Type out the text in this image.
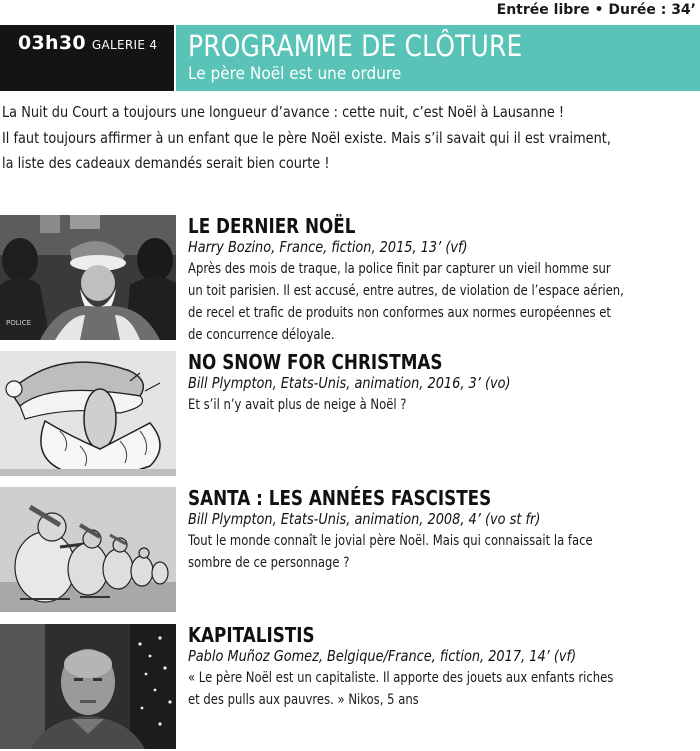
Entrée libre • Durée : 34’
03h30 GALERIE 4	PROGRAMME DE CLÔTURE
Le père Noël est une ordure

La Nuit du Court a toujours une longueur d’avance : cette nuit, c’est Noël à Lausanne !

Il faut toujours affirmer à un enfant que le père Noël existe. Mais s’il savait qui il est vraiment,

la liste des cadeaux demandés serait bien courte !

POLICE
LE DERNIER NOËL
Harry Bozino, France, fiction, 2015, 13’ (vf)
Après des mois de traque, la police finit par capturer un vieil homme sur
un toit parisien. Il est accusé, entre autres, de violation de l’espace aérien,
de recel et trafic de produits non conformes aux normes européennes et
de concurrence déloyale.
NO SNOW FOR CHRISTMAS
Bill Plympton, Etats-Unis, animation, 2016, 3’ (vo)
Et s’il n’y avait plus de neige à Noël ?
SANTA : LES ANNÉES FASCISTES
Bill Plympton, Etats-Unis, animation, 2008, 4’ (vo st fr)
Tout le monde connaît le jovial père Noël. Mais qui connaissait la face
sombre de ce personnage ?
KAPITALISTIS
Pablo Muñoz Gomez, Belgique/France, fiction, 2017, 14’ (vf)
« Le père Noël est un capitaliste. Il apporte des jouets aux enfants riches
et des pulls aux pauvres. » Nikos, 5 ans
